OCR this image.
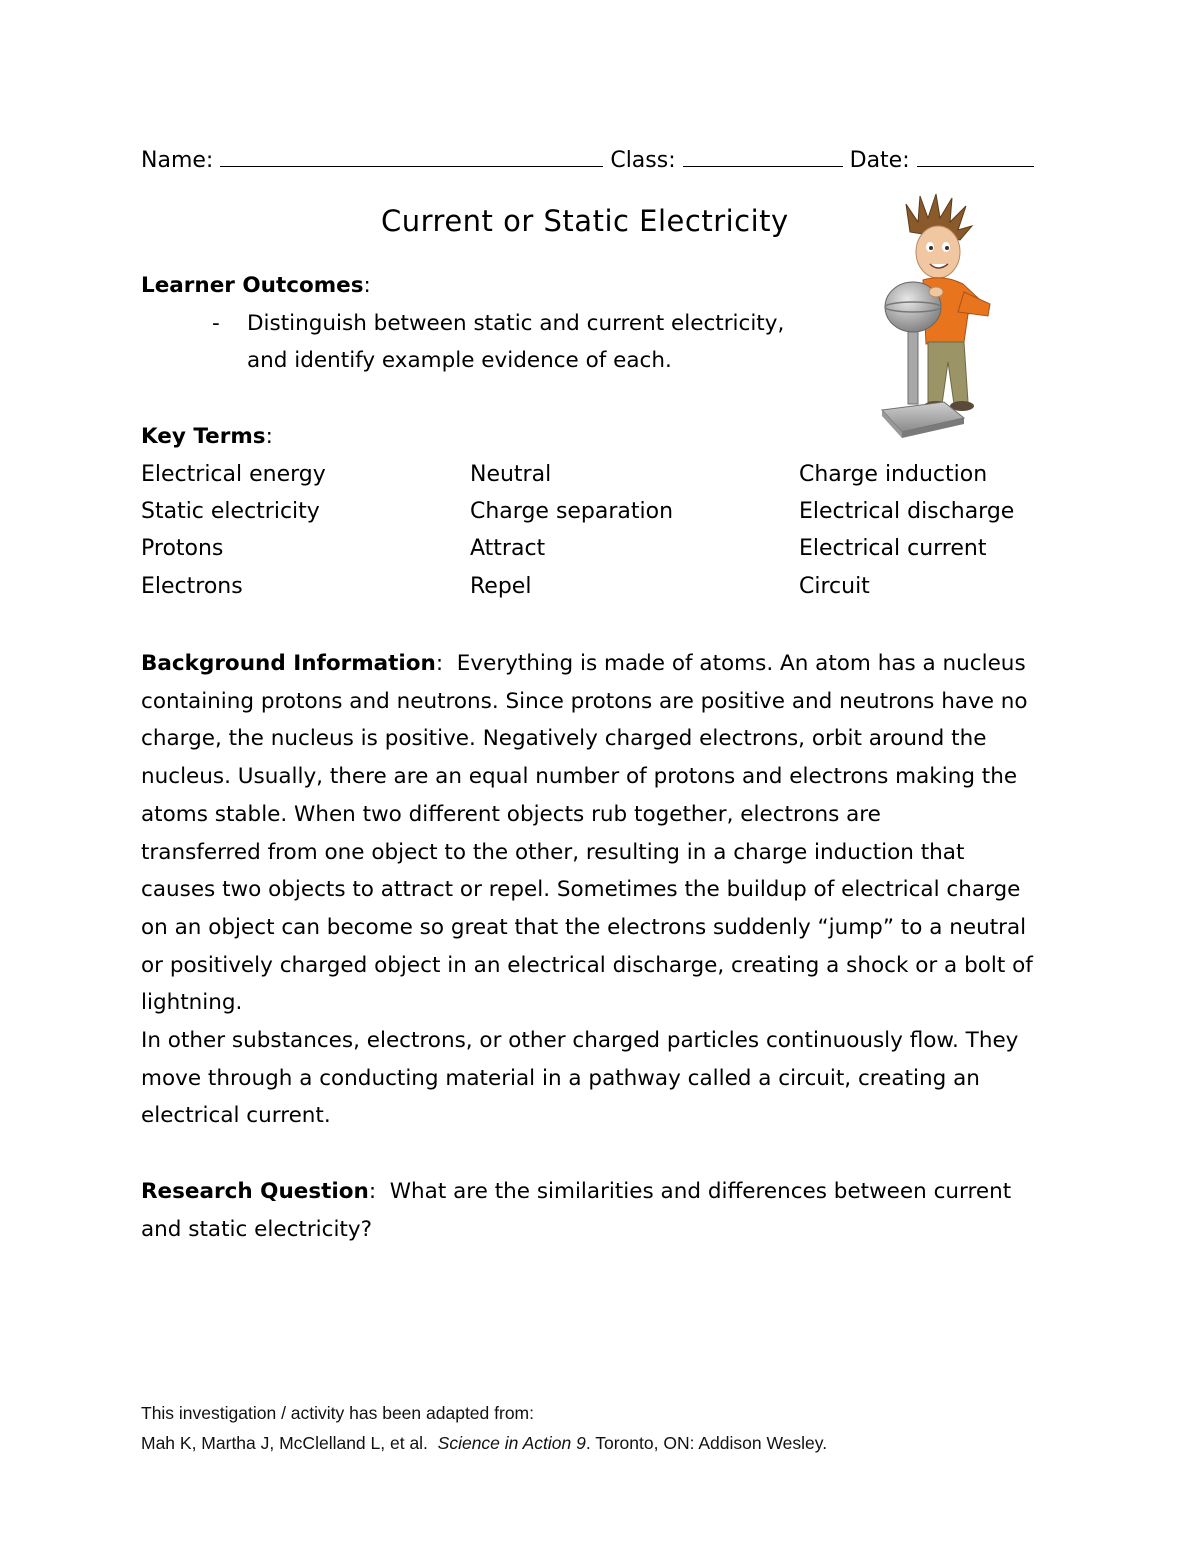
Name:	Class:	Date:
Current or Static Electricity
Learner Outcomes:
- Distinguish between static and current electricity,
and identify example evidence of each.
Key Terms:
Electrical energy
Static electricity
Protons
Electrons
Neutral
Charge separation
Attract
Repel
Charge induction
Electrical discharge
Electrical current
Circuit

Background Information: Everything is made of atoms. An atom has a nucleus

containing protons and neutrons. Since protons are positive and neutrons have no

charge, the nucleus is positive. Negatively charged electrons, orbit around the

nucleus. Usually, there are an equal number of protons and electrons making the

atoms stable. When two different objects rub together, electrons are

transferred from one object to the other, resulting in a charge induction that

causes two objects to attract or repel. Sometimes the buildup of electrical charge

on an object can become so great that the electrons suddenly “jump” to a neutral

or positively charged object in an electrical discharge, creating a shock or a bolt of

lightning.

In other substances, electrons, or other charged particles continuously flow. They

move through a conducting material in a pathway called a circuit, creating an

electrical current.

Research Question: What are the similarities and differences between current

and static electricity?

This investigation / activity has been adapted from:
Mah K, Martha J, McClelland L, et al. Science in Action 9. Toronto, ON: Addison Wesley.
